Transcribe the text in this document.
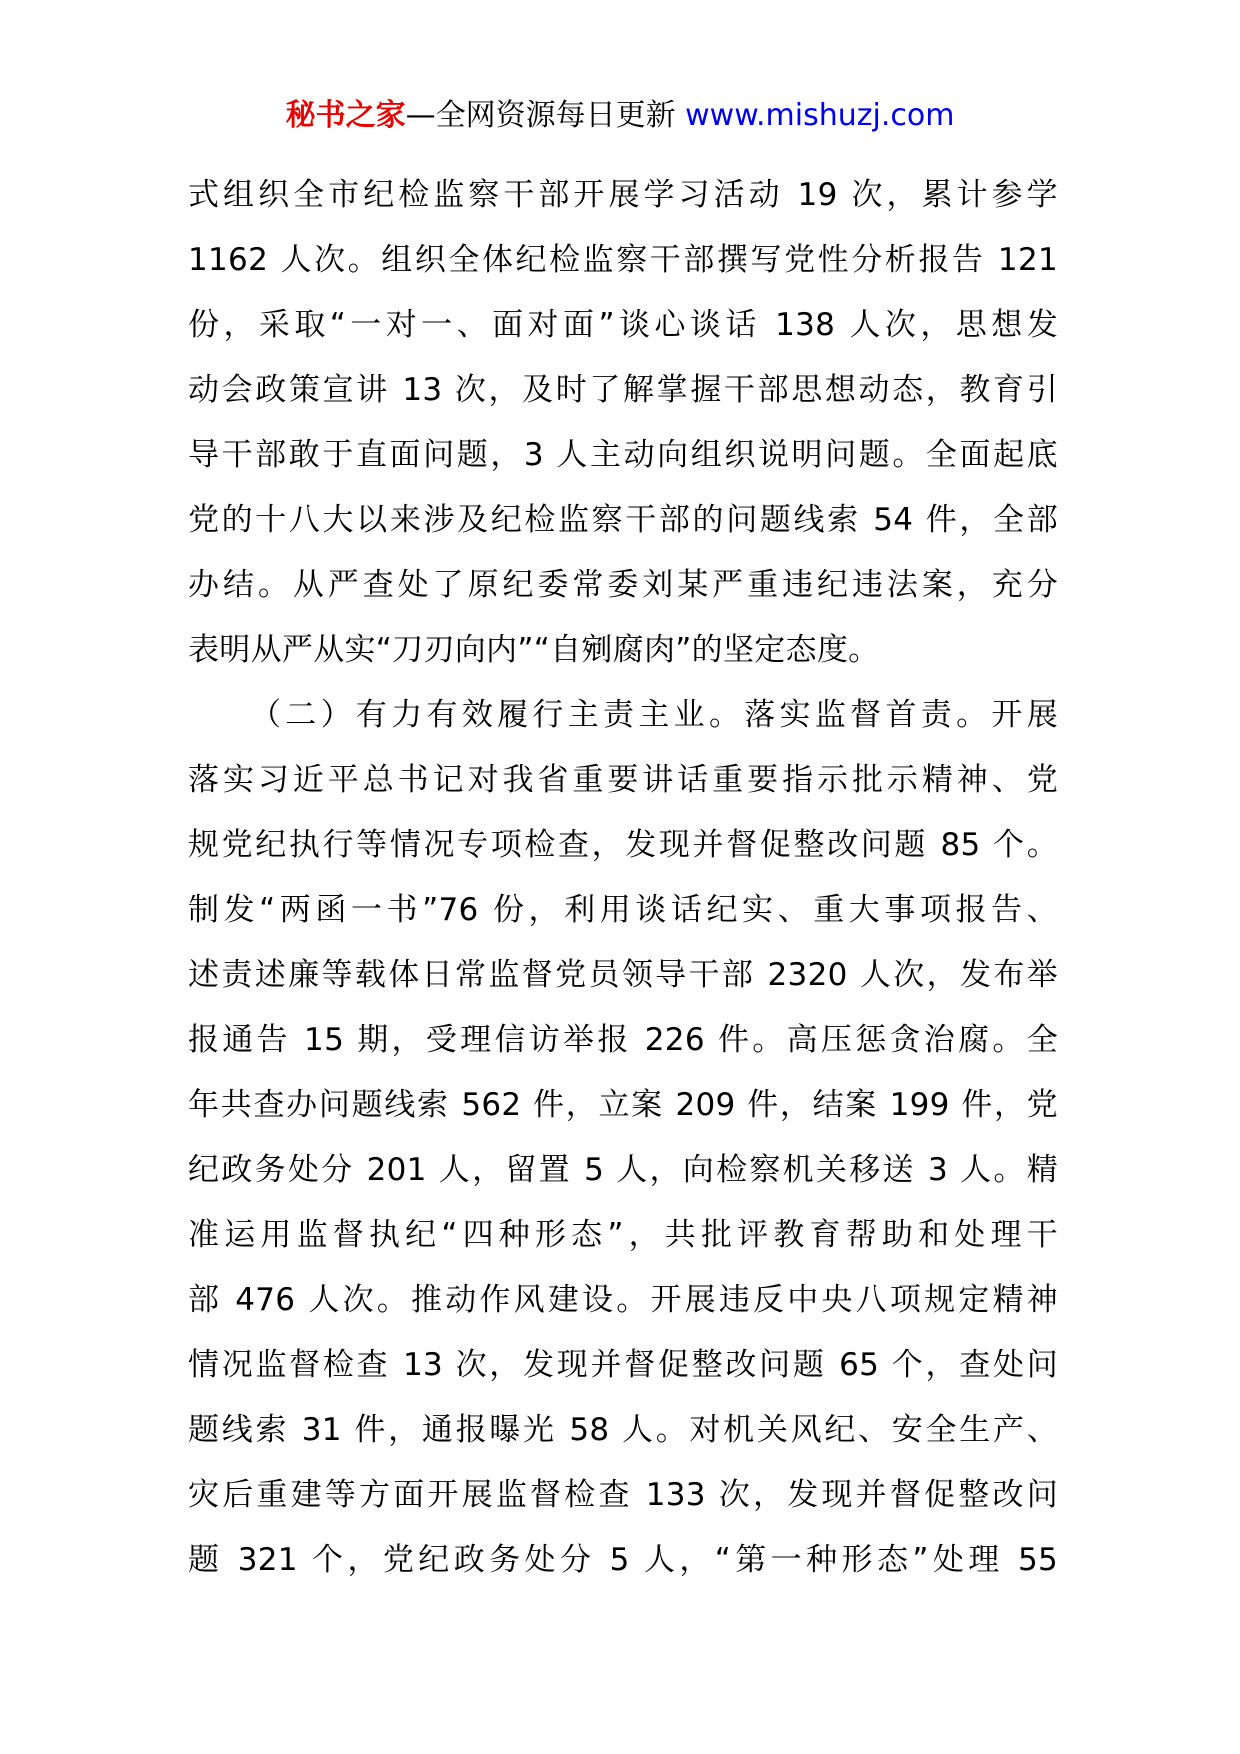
秘书之家—全网资源每日更新 www.mishuzj.com
式组织全市纪检监察干部开展学习活动 19 次，累计参学
1162 人次。组织全体纪检监察干部撰写党性分析报告 121
份，采取“一对一、面对面”谈心谈话 138 人次，思想发
动会政策宣讲 13 次，及时了解掌握干部思想动态，教育引
导干部敢于直面问题，3 人主动向组织说明问题。全面起底
党的十八大以来涉及纪检监察干部的问题线索 54 件，全部
办结。从严查处了原纪委常委刘某严重违纪违法案，充分
表明从严从实“刀刃向内”“自剜腐肉”的坚定态度。
（二）有力有效履行主责主业。落实监督首责。开展
落实习近平总书记对我省重要讲话重要指示批示精神、党
规党纪执行等情况专项检查，发现并督促整改问题 85 个。
制发“两函一书”76 份，利用谈话纪实、重大事项报告、
述责述廉等载体日常监督党员领导干部 2320 人次，发布举
报通告 15 期，受理信访举报 226 件。高压惩贪治腐。全
年共查办问题线索 562 件，立案 209 件，结案 199 件，党
纪政务处分 201 人，留置 5 人，向检察机关移送 3 人。精
准运用监督执纪“四种形态”，共批评教育帮助和处理干
部 476 人次。推动作风建设。开展违反中央八项规定精神
情况监督检查 13 次，发现并督促整改问题 65 个，查处问
题线索 31 件，通报曝光 58 人。对机关风纪、安全生产、
灾后重建等方面开展监督检查 133 次，发现并督促整改问
题 321 个，党纪政务处分 5 人，“第一种形态”处理 55
